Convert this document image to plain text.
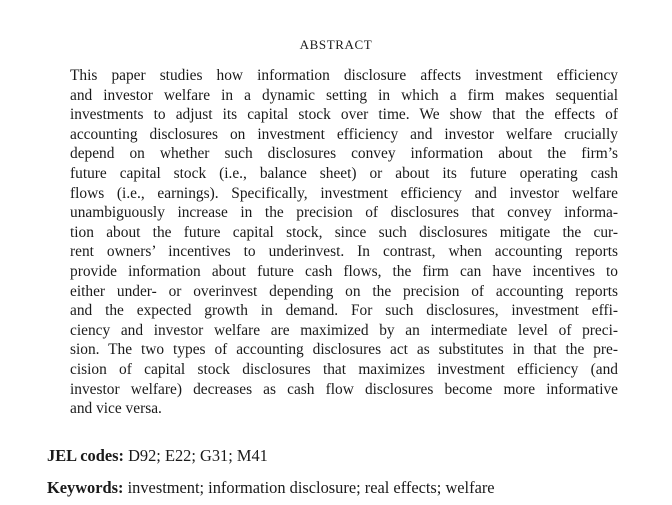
ABSTRACT
This paper studies how information disclosure affects investment efficiency
and investor welfare in a dynamic setting in which a firm makes sequential
investments to adjust its capital stock over time. We show that the effects of
accounting disclosures on investment efficiency and investor welfare crucially
depend on whether such disclosures convey information about the firm’s
future capital stock (i.e., balance sheet) or about its future operating cash
flows (i.e., earnings). Specifically, investment efficiency and investor welfare
unambiguously increase in the precision of disclosures that convey informa-
tion about the future capital stock, since such disclosures mitigate the cur-
rent owners’ incentives to underinvest. In contrast, when accounting reports
provide information about future cash flows, the firm can have incentives to
either under- or overinvest depending on the precision of accounting reports
and the expected growth in demand. For such disclosures, investment effi-
ciency and investor welfare are maximized by an intermediate level of preci-
sion. The two types of accounting disclosures act as substitutes in that the pre-
cision of capital stock disclosures that maximizes investment efficiency (and
investor welfare) decreases as cash flow disclosures become more informative
and vice versa.
JEL codes: D92; E22; G31; M41
Keywords: investment; information disclosure; real effects; welfare
